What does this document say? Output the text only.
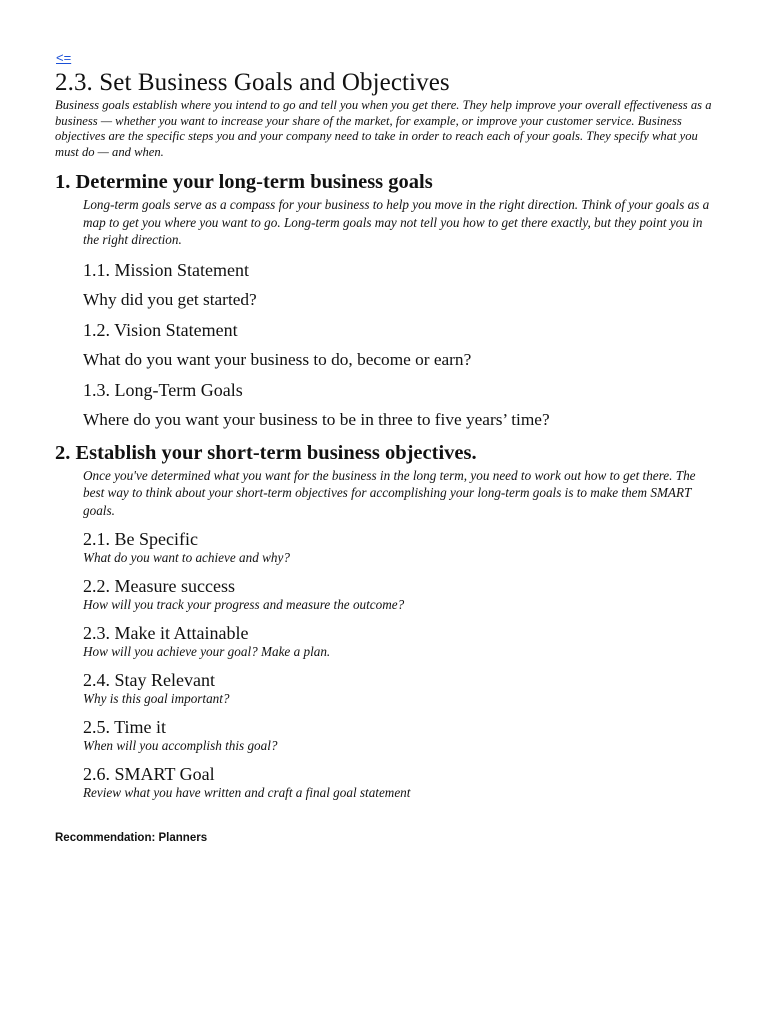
<=
2.3. Set Business Goals and Objectives

Business goals establish where you intend to go and tell you when you get there. They help improve your overall effectiveness as a business — whether you want to increase your share of the market, for example, or improve your customer service. Business objectives are the specific steps you and your company need to take in order to reach each of your goals. They specify what you must do — and when.

1. Determine your long-term business goals

Long-term goals serve as a compass for your business to help you move in the right direction. Think of your goals as a map to get you where you want to go. Long-term goals may not tell you how to get there exactly, but they point you in the right direction.

1.1. Mission Statement

Why did you get started?

1.2. Vision Statement

What do you want your business to do, become or earn?

1.3. Long-Term Goals

Where do you want your business to be in three to five years’ time?

2. Establish your short-term business objectives.

Once you've determined what you want for the business in the long term, you need to work out how to get there. The best way to think about your short-term objectives for accomplishing your long-term goals is to make them SMART goals.

2.1. Be Specific

What do you want to achieve and why?

2.2. Measure success

How will you track your progress and measure the outcome?

2.3. Make it Attainable

How will you achieve your goal? Make a plan.

2.4. Stay Relevant

Why is this goal important?

2.5. Time it

When will you accomplish this goal?

2.6. SMART Goal

Review what you have written and craft a final goal statement

Recommendation: Planners
